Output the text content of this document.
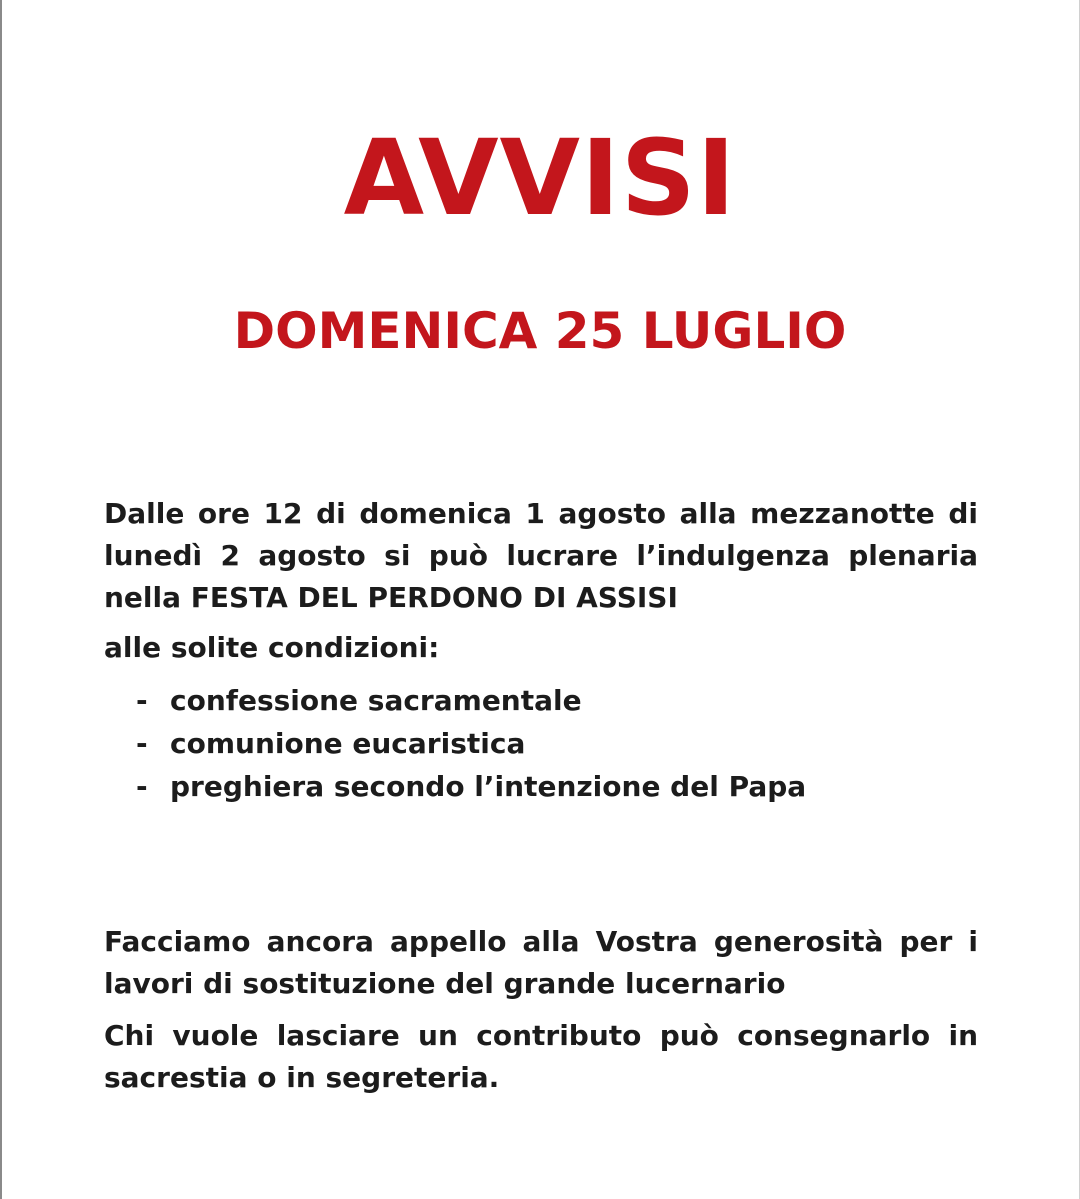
AVVISI
DOMENICA 25 LUGLIO

Dalle ore 12 di domenica 1 agosto alla mezzanotte di lunedì 2 agosto si può lucrare l’indulgenza plenaria nella FESTA DEL PERDONO DI ASSISI

alle solite condizioni:

- confessione sacramentale
- comunione eucaristica
- preghiera secondo l’intenzione del Papa

Facciamo ancora appello alla Vostra generosità per i lavori di sostituzione del grande lucernario

Chi vuole lasciare un contributo può consegnarlo in sacrestia o in segreteria.
